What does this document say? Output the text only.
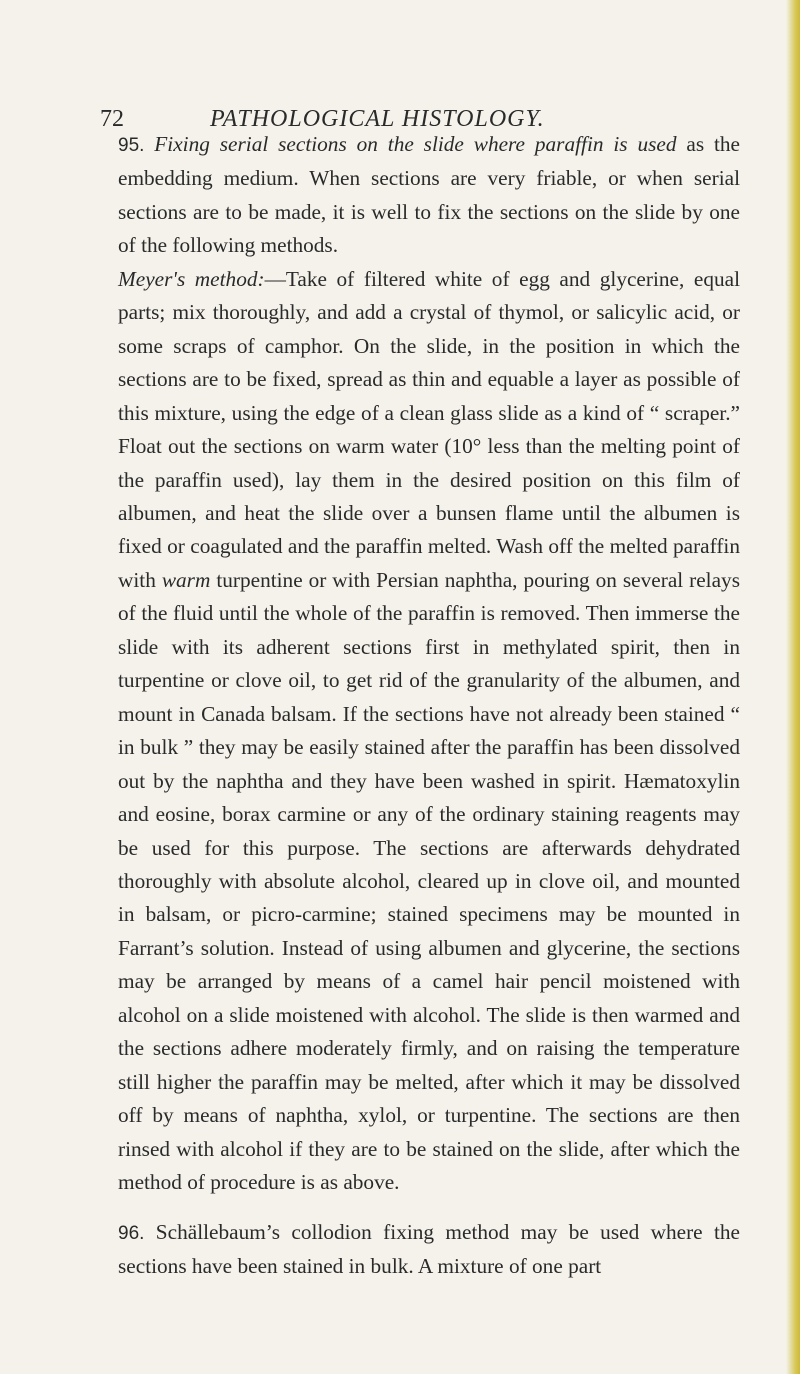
72	PATHOLOGICAL HISTOLOGY.

95. Fixing serial sections on the slide where paraffin is used as the embedding medium. When sections are very friable, or when serial sections are to be made, it is well to fix the sections on the slide by one of the following methods.

Meyer's method:—Take of filtered white of egg and glycerine, equal parts; mix thoroughly, and add a crystal of thymol, or salicylic acid, or some scraps of camphor. On the slide, in the position in which the sections are to be fixed, spread as thin and equable a layer as possible of this mixture, using the edge of a clean glass slide as a kind of “ scraper.” Float out the sections on warm water (10° less than the melting point of the paraffin used), lay them in the desired position on this film of albumen, and heat the slide over a bunsen flame until the albumen is fixed or coagulated and the paraffin melted. Wash off the melted paraffin with warm turpentine or with Persian naphtha, pouring on several relays of the fluid until the whole of the paraffin is removed. Then immerse the slide with its adherent sections first in methylated spirit, then in turpentine or clove oil, to get rid of the granularity of the albumen, and mount in Canada balsam. If the sections have not already been stained “ in bulk ” they may be easily stained after the paraffin has been dissolved out by the naphtha and they have been washed in spirit. Hæmatoxylin and eosine, borax carmine or any of the ordinary staining reagents may be used for this purpose. The sections are afterwards dehydrated thoroughly with absolute alcohol, cleared up in clove oil, and mounted in balsam, or picro-carmine; stained specimens may be mounted in Farrant’s solution. Instead of using albumen and glycerine, the sections may be arranged by means of a camel hair pencil moistened with alcohol on a slide moistened with alcohol. The slide is then warmed and the sections adhere moderately firmly, and on raising the temperature still higher the paraffin may be melted, after which it may be dissolved off by means of naphtha, xylol, or turpentine. The sections are then rinsed with alcohol if they are to be stained on the slide, after which the method of procedure is as above.

96. Schällebaum’s collodion fixing method may be used where the sections have been stained in bulk. A mixture of one part
